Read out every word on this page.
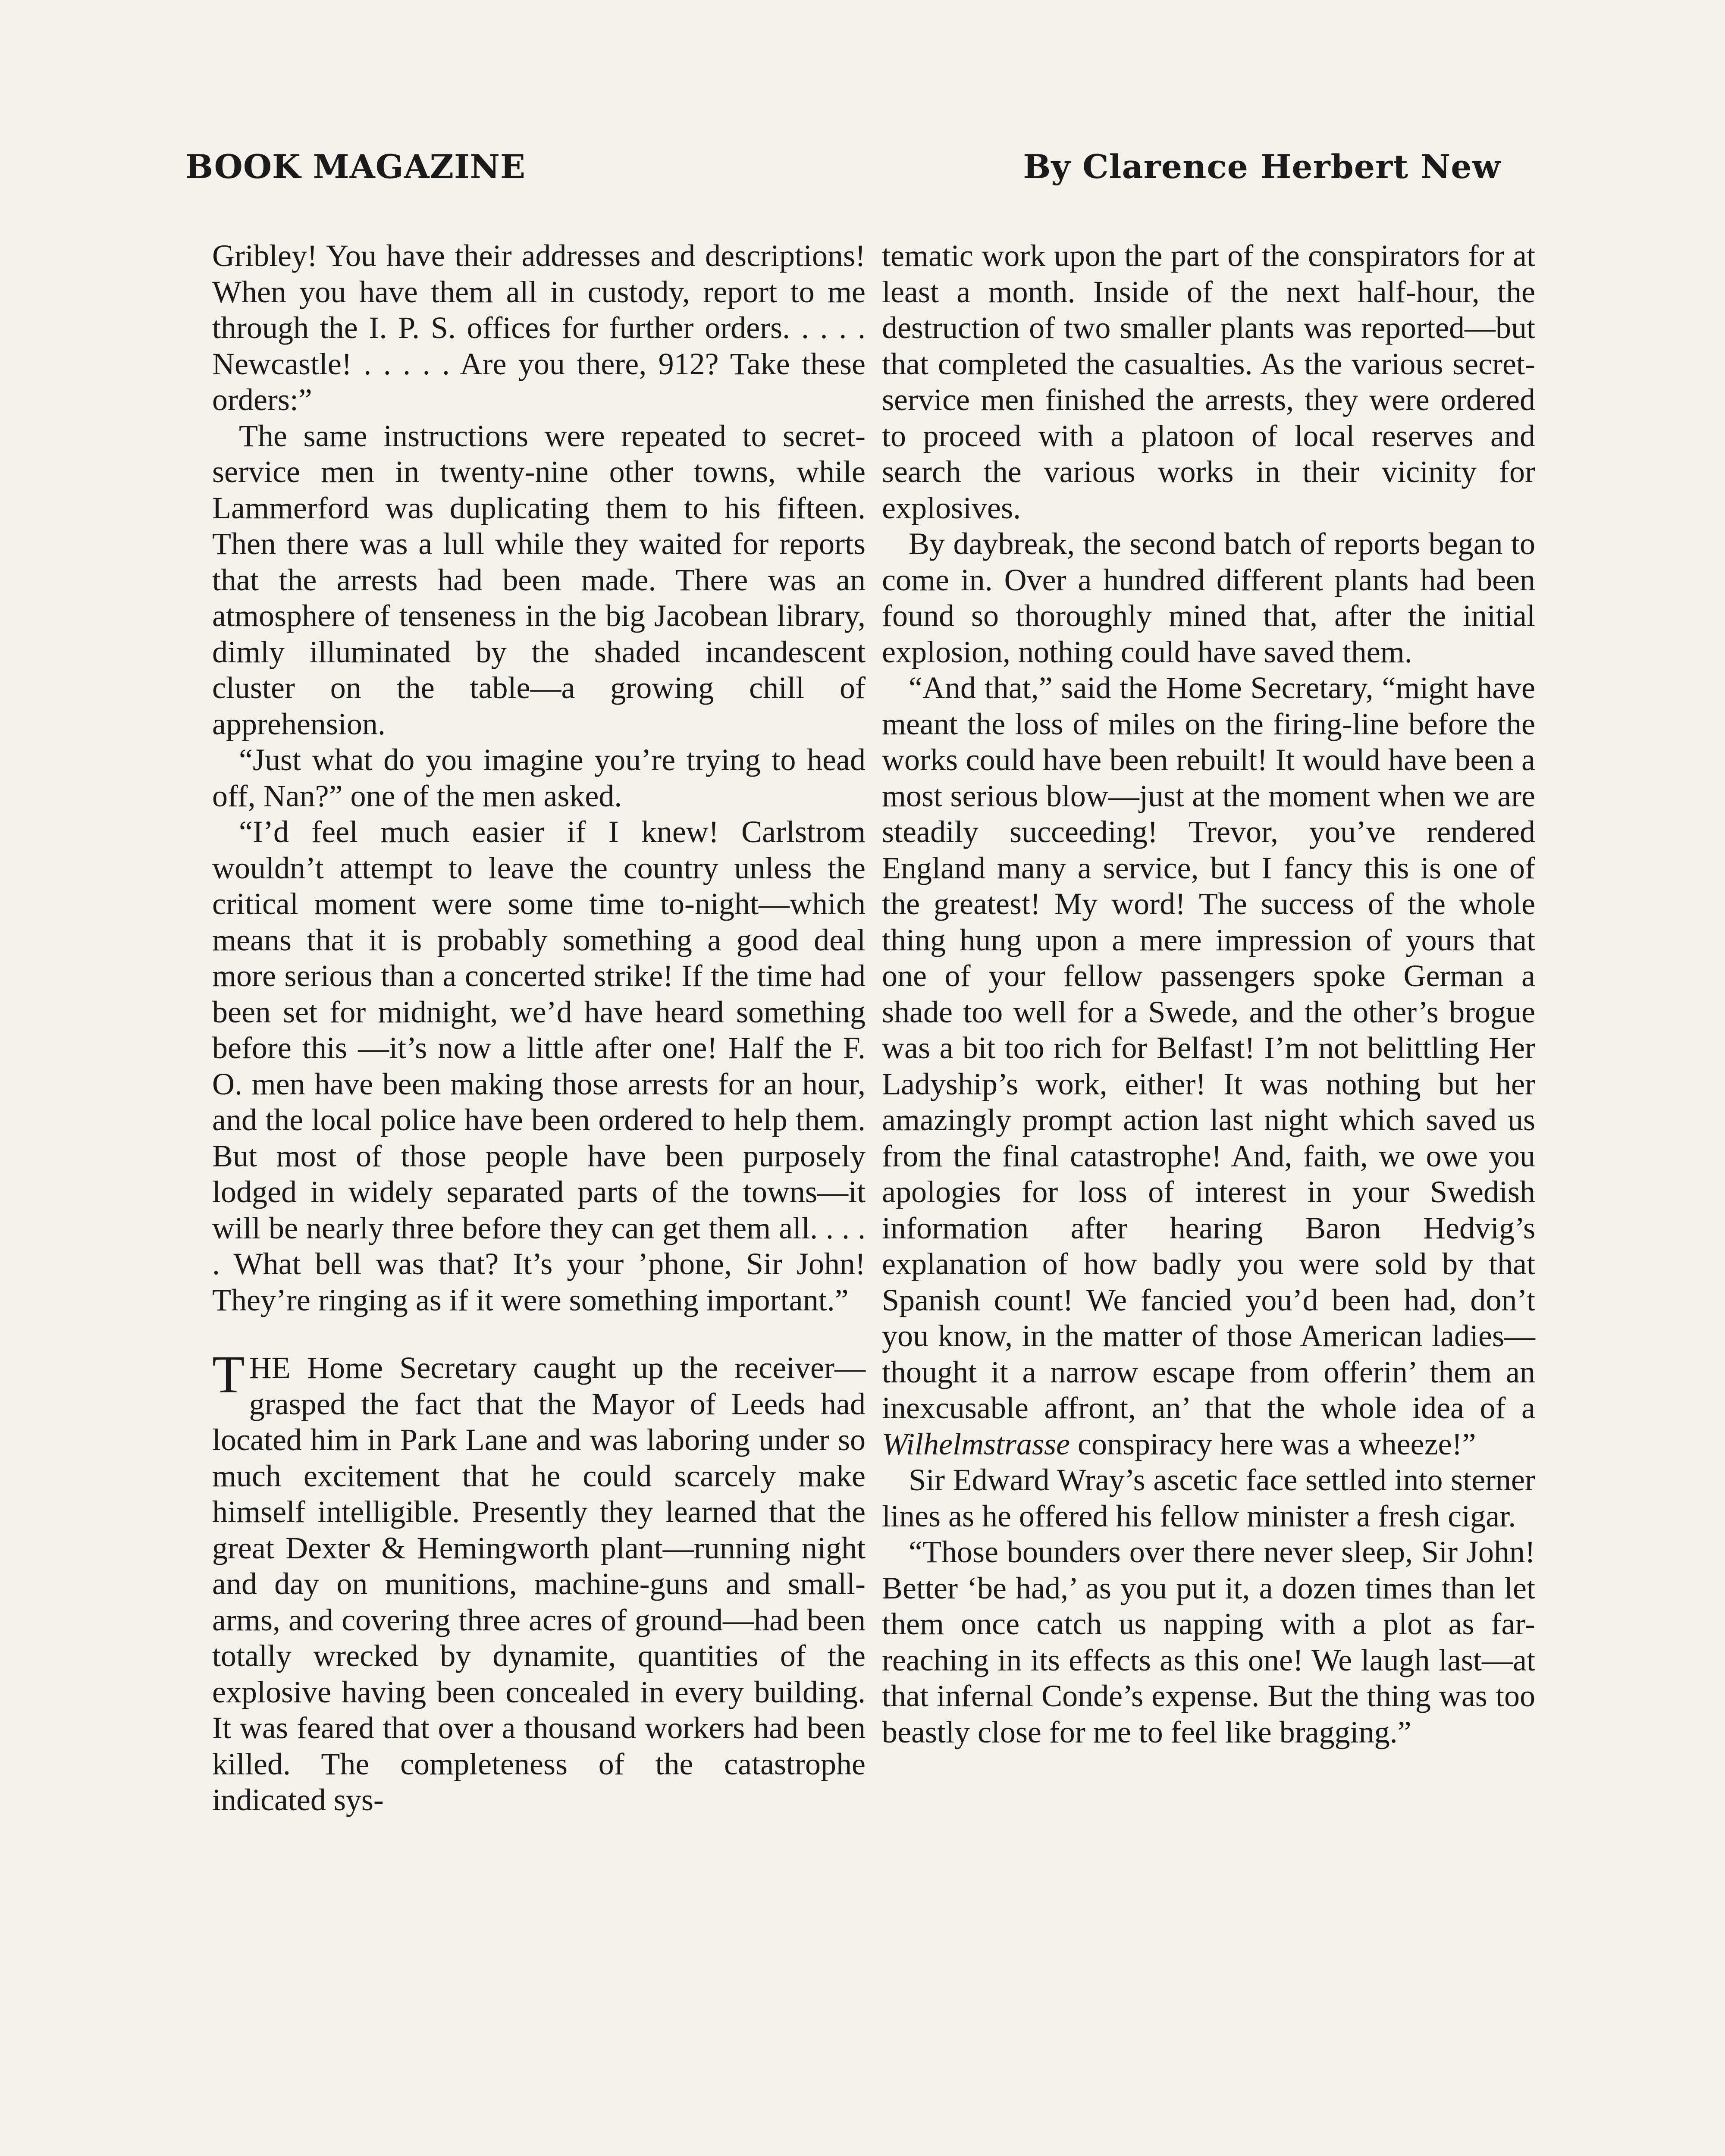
BOOK MAGAZINE	By Clarence Herbert New

Gribley! You have their addresses and descriptions! When you have them all in custody, report to me through the I. P. S. offices for further orders. . . . . Newcastle! . . . . . Are you there, 912? Take these orders:”

The same instructions were repeated to secret-service men in twenty-nine other towns, while Lammerford was duplicating them to his fifteen. Then there was a lull while they waited for reports that the arrests had been made. There was an atmosphere of tenseness in the big Jacobean library, dimly illuminated by the shaded incandescent cluster on the table—a growing chill of apprehension.

“Just what do you imagine you’re trying to head off, Nan?” one of the men asked.

“I’d feel much easier if I knew! Carlstrom wouldn’t attempt to leave the country unless the critical moment were some time to-night—which means that it is probably something a good deal more serious than a concerted strike! If the time had been set for midnight, we’d have heard something before this —it’s now a little after one! Half the F. O. men have been making those arrests for an hour, and the local police have been ordered to help them. But most of those people have been purposely lodged in widely separated parts of the towns—it will be nearly three before they can get them all. . . . . What bell was that? It’s your ’phone, Sir John! They’re ringing as if it were something important.”

THE Home Secretary caught up the receiver—grasped the fact that the Mayor of Leeds had located him in Park Lane and was laboring under so much excitement that he could scarcely make himself intelligible. Presently they learned that the great Dexter & Hemingworth plant—running night and day on munitions, machine-guns and small-arms, and covering three acres of ground—had been totally wrecked by dynamite, quantities of the explosive having been concealed in every building. It was feared that over a thousand workers had been killed. The completeness of the catastrophe indicated sys-

tematic work upon the part of the conspirators for at least a month. Inside of the next half-hour, the destruction of two smaller plants was reported—but that completed the casualties. As the various secret-service men finished the arrests, they were ordered to proceed with a platoon of local reserves and search the various works in their vicinity for explosives.

By daybreak, the second batch of reports began to come in. Over a hundred different plants had been found so thoroughly mined that, after the initial explosion, nothing could have saved them.

“And that,” said the Home Secretary, “might have meant the loss of miles on the firing-line before the works could have been rebuilt! It would have been a most serious blow—just at the moment when we are steadily succeeding! Trevor, you’ve rendered England many a service, but I fancy this is one of the greatest! My word! The success of the whole thing hung upon a mere impression of yours that one of your fellow passengers spoke German a shade too well for a Swede, and the other’s brogue was a bit too rich for Belfast! I’m not belittling Her Ladyship’s work, either! It was nothing but her amazingly prompt action last night which saved us from the final catastrophe! And, faith, we owe you apologies for loss of interest in your Swedish information after hearing Baron Hedvig’s explanation of how badly you were sold by that Spanish count! We fancied you’d been had, don’t you know, in the matter of those American ladies—thought it a narrow escape from offerin’ them an inexcusable affront, an’ that the whole idea of a Wilhelmstrasse conspiracy here was a wheeze!”

Sir Edward Wray’s ascetic face settled into sterner lines as he offered his fellow minister a fresh cigar.

“Those bounders over there never sleep, Sir John! Better ‘be had,’ as you put it, a dozen times than let them once catch us napping with a plot as far-reaching in its effects as this one! We laugh last—at that infernal Conde’s expense. But the thing was too beastly close for me to feel like bragging.”
